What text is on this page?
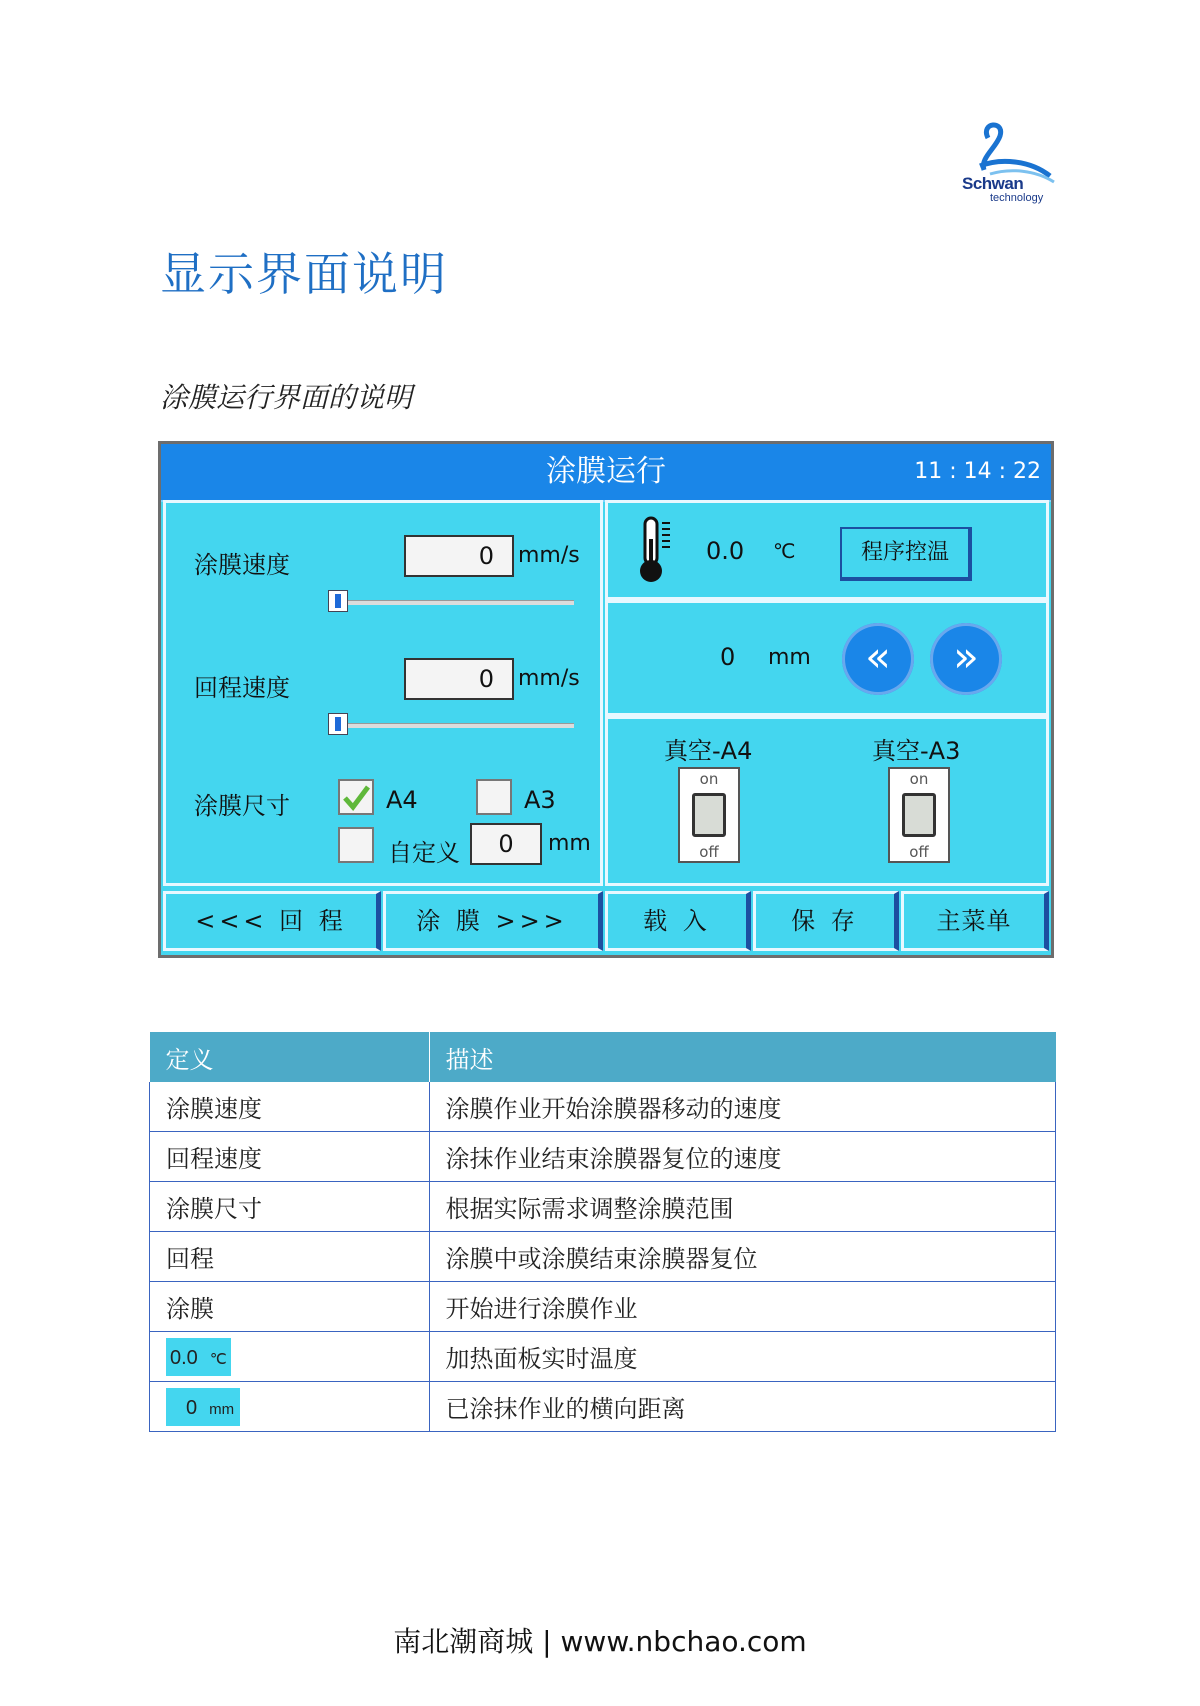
Schwan
technology
显示界面说明
涂膜运行界面的说明
涂膜运行	11 : 14 : 22
涂膜速度	0	mm/s
回程速度	0	mm/s
涂膜尺寸	A4	A3
自定义	0	mm
0.0 ℃	程序控温
0 mm	«	»
真空-A4
on
off
真空-A3
on
off
<<< 回 程	涂 膜 >>>	载 入	保 存	主菜单
定义	描述
涂膜速度	涂膜作业开始涂膜器移动的速度
回程速度	涂抹作业结束涂膜器复位的速度
涂膜尺寸	根据实际需求调整涂膜范围
回程	涂膜中或涂膜结束涂膜器复位
涂膜	开始进行涂膜作业
0.0 ℃	加热面板实时温度
0 mm	已涂抹作业的横向距离
南北潮商城 | www.nbchao.com
